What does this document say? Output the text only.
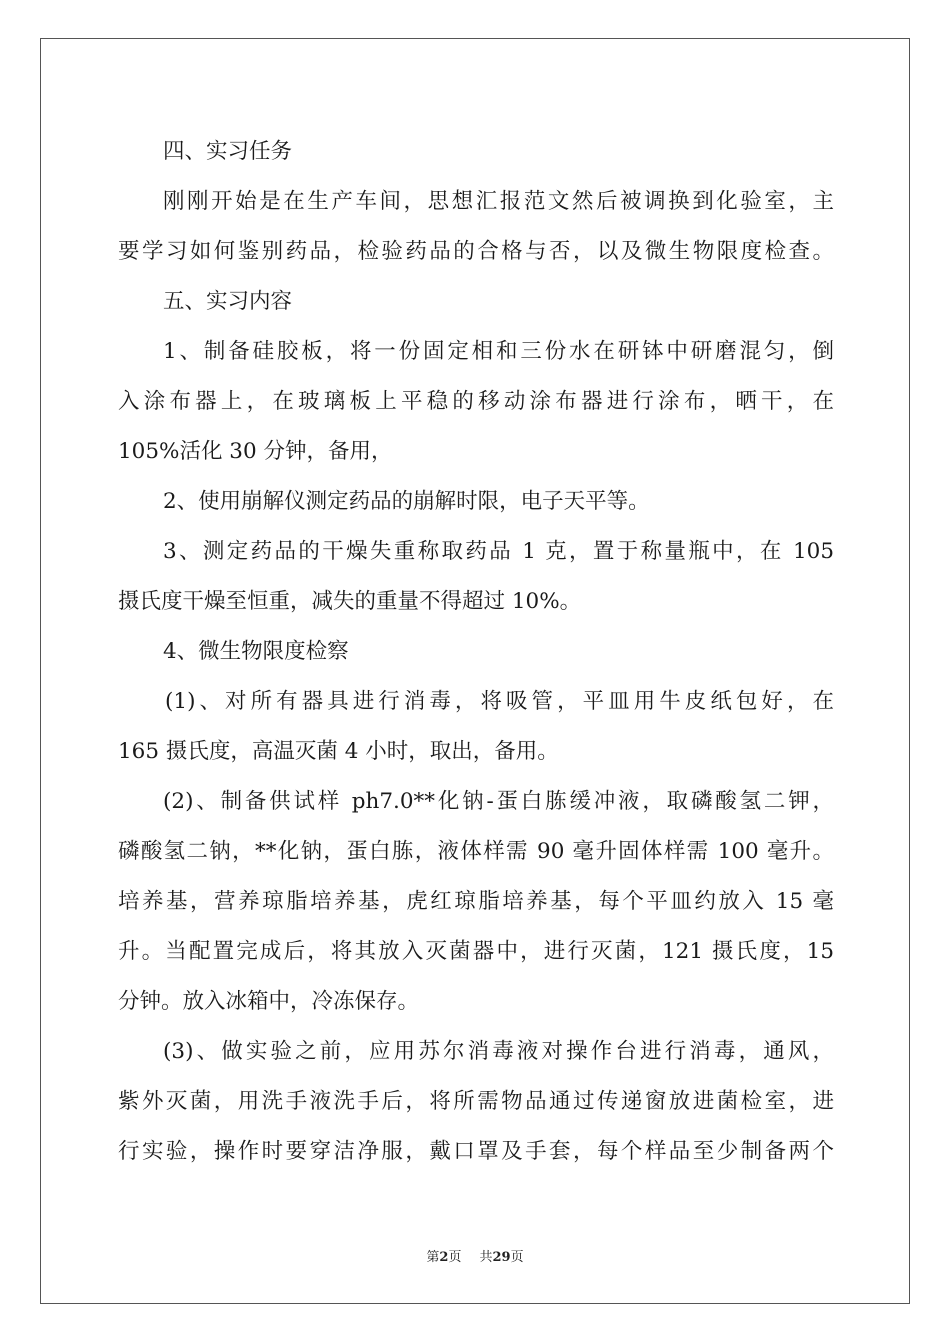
四、实习任务
刚刚开始是在生产车间，思想汇报范文然后被调换到化验室，主
要学习如何鉴别药品，检验药品的合格与否，以及微生物限度检查。
五、实习内容
1、制备硅胶板，将一份固定相和三份水在研钵中研磨混匀，倒
入涂布器上，在玻璃板上平稳的移动涂布器进行涂布，晒干，在
105%活化 30 分钟，备用，
2、使用崩解仪测定药品的崩解时限，电子天平等。
3、测定药品的干燥失重称取药品 1 克，置于称量瓶中，在 105
摄氏度干燥至恒重，减失的重量不得超过 10%。
4、微生物限度检察
(1)、对所有器具进行消毒，将吸管，平皿用牛皮纸包好，在
165 摄氏度，高温灭菌 4 小时，取出，备用。
(2)、制备供试样 ph7.0**化钠-蛋白胨缓冲液，取磷酸氢二钾，
磷酸氢二钠，**化钠，蛋白胨，液体样需 90 毫升固体样需 100 毫升。
培养基，营养琼脂培养基，虎红琼脂培养基，每个平皿约放入 15 毫
升。当配置完成后，将其放入灭菌器中，进行灭菌，121 摄氏度，15
分钟。放入冰箱中，冷冻保存。
(3)、做实验之前，应用苏尔消毒液对操作台进行消毒，通风，
紫外灭菌，用洗手液洗手后，将所需物品通过传递窗放进菌检室，进
行实验，操作时要穿洁净服，戴口罩及手套，每个样品至少制备两个
第2页 共29页
